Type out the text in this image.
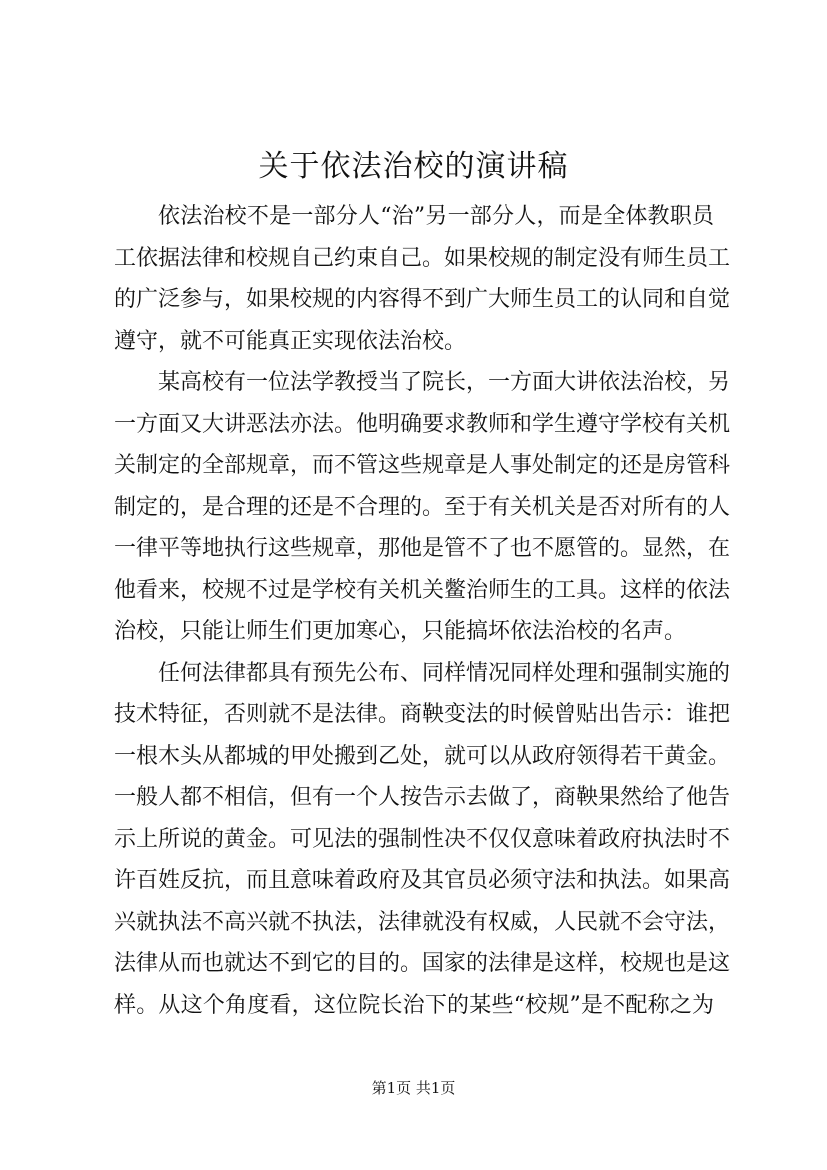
关于依法治校的演讲稿
依法治校不是一部分人“治”另一部分人，而是全体教职员
工依据法律和校规自己约束自己。如果校规的制定没有师生员工
的广泛参与，如果校规的内容得不到广大师生员工的认同和自觉
遵守，就不可能真正实现依法治校。
某高校有一位法学教授当了院长，一方面大讲依法治校，另
一方面又大讲恶法亦法。他明确要求教师和学生遵守学校有关机
关制定的全部规章，而不管这些规章是人事处制定的还是房管科
制定的，是合理的还是不合理的。至于有关机关是否对所有的人
一律平等地执行这些规章，那他是管不了也不愿管的。显然，在
他看来，校规不过是学校有关机关鳖治师生的工具。这样的依法
治校，只能让师生们更加寒心，只能搞坏依法治校的名声。
任何法律都具有预先公布、同样情况同样处理和强制实施的
技术特征，否则就不是法律。商鞅变法的时候曾贴出告示：谁把
一根木头从都城的甲处搬到乙处，就可以从政府领得若干黄金。
一般人都不相信，但有一个人按告示去做了，商鞅果然给了他告
示上所说的黄金。可见法的强制性决不仅仅意味着政府执法时不
许百姓反抗，而且意味着政府及其官员必须守法和执法。如果高
兴就执法不高兴就不执法，法律就没有权威，人民就不会守法，
法律从而也就达不到它的目的。国家的法律是这样，校规也是这
样。从这个角度看，这位院长治下的某些“校规”是不配称之为
第1页 共1页
